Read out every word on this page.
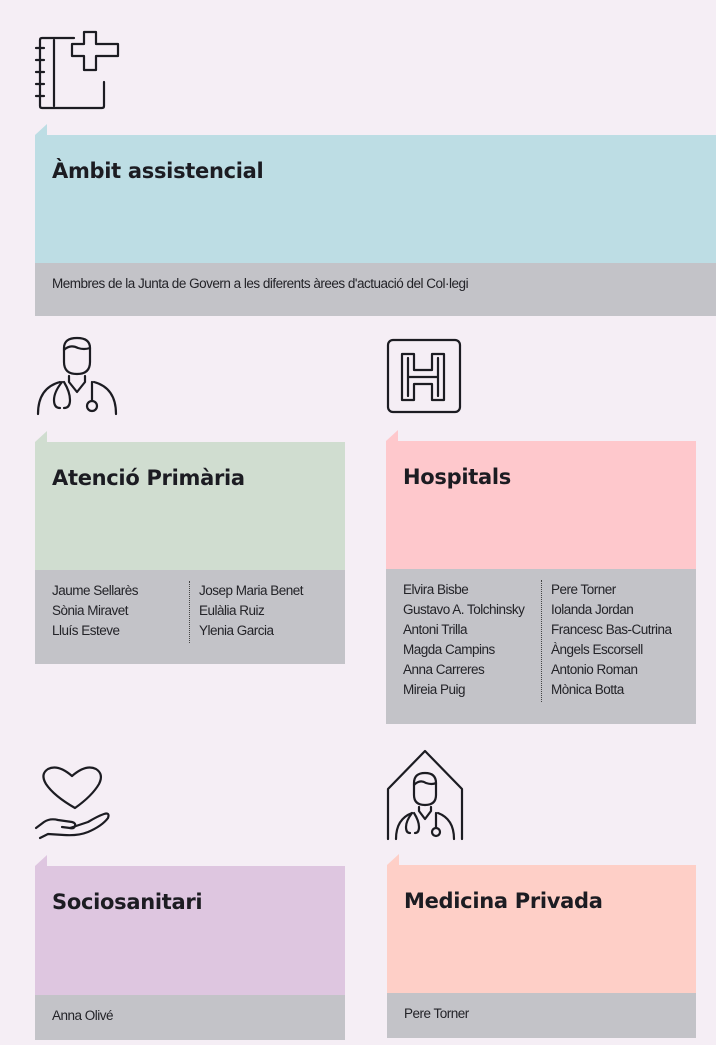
Àmbit assistencial
Membres de la Junta de Govern a les diferents àrees d'actuació del Col·legi
Atenció Primària
Jaume Sellarès
Sònia Miravet
Lluís Esteve
Josep Maria Benet
Eulàlia Ruiz
Ylenia Garcia
Hospitals
Elvira Bisbe
Gustavo A. Tolchinsky
Antoni Trilla
Magda Campins
Anna Carreres
Mireia Puig
Pere Torner
Iolanda Jordan
Francesc Bas-Cutrina
Àngels Escorsell
Antonio Roman
Mònica Botta
Sociosanitari
Anna Olivé
Medicina Privada
Pere Torner
